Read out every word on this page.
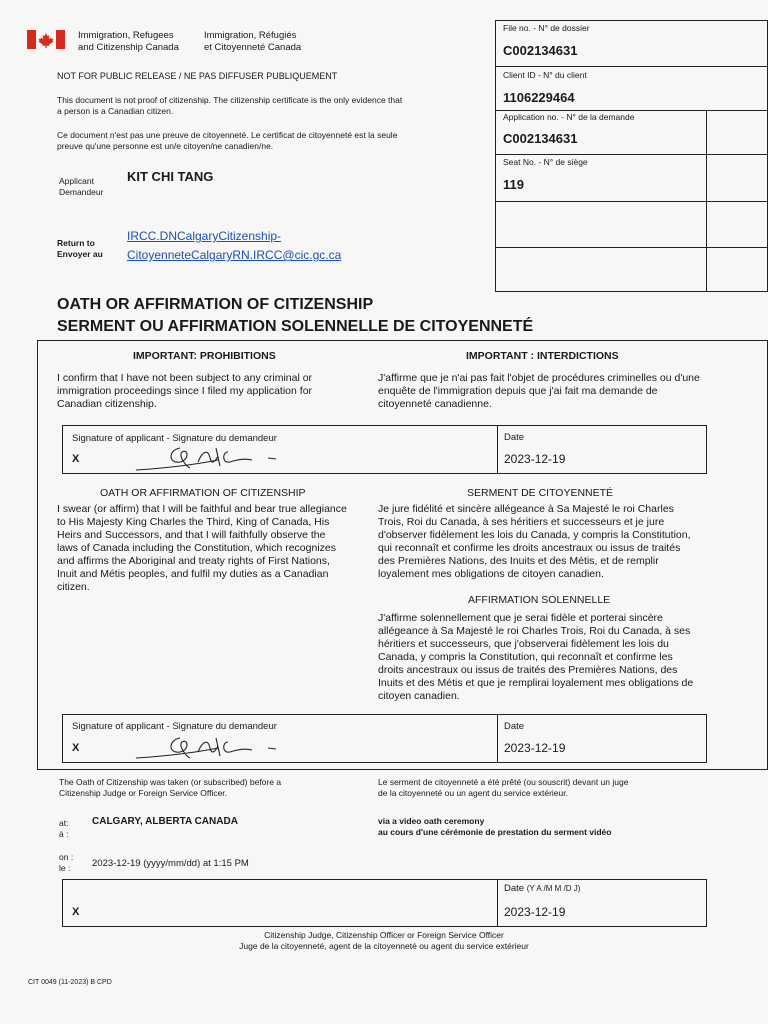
Immigration, Refugees
and Citizenship Canada
Immigration, Réfugiés
et Citoyenneté Canada
NOT FOR PUBLIC RELEASE / NE PAS DIFFUSER PUBLIQUEMENT
This document is not proof of citizenship. The citizenship certificate is the only evidence that
a person is a Canadian citizen.
Ce document n'est pas une preuve de citoyenneté. Le certificat de citoyenneté est la seule
preuve qu'une personne est un/e citoyen/ne canadien/ne.
Applicant
Demandeur
KIT CHI TANG
Return to
Envoyer au
IRCC.DNCalgaryCitizenship-
CitoyenneteCalgaryRN.IRCC@cic.gc.ca
File no. - N° de dossier
C002134631
Client ID - N° du client
1106229464
Application no. - N° de la demande
C002134631
Seat No. - N° de siège
119
OATH OR AFFIRMATION OF CITIZENSHIP
SERMENT OU AFFIRMATION SOLENNELLE DE CITOYENNETÉ
IMPORTANT: PROHIBITIONS	IMPORTANT : INTERDICTIONS
I confirm that I have not been subject to any criminal or
immigration proceedings since I filed my application for
Canadian citizenship.
J'affirme que je n'ai pas fait l'objet de procédures criminelles ou d'une
enquête de l'immigration depuis que j'ai fait ma demande de
citoyenneté canadienne.
Signature of applicant - Signature du demandeur
X
Date
2023-12-19
OATH OR AFFIRMATION OF CITIZENSHIP	SERMENT DE CITOYENNETÉ
I swear (or affirm) that I will be faithful and bear true allegiance
to His Majesty King Charles the Third, King of Canada, His
Heirs and Successors, and that I will faithfully observe the
laws of Canada including the Constitution, which recognizes
and affirms the Aboriginal and treaty rights of First Nations,
Inuit and Métis peoples, and fulfil my duties as a Canadian
citizen.
Je jure fidélité et sincère allégeance à Sa Majesté le roi Charles
Trois, Roi du Canada, à ses héritiers et successeurs et je jure
d'observer fidèlement les lois du Canada, y compris la Constitution,
qui reconnaît et confirme les droits ancestraux ou issus de traités
des Premières Nations, des Inuits et des Métis, et de remplir
loyalement mes obligations de citoyen canadien.
AFFIRMATION SOLENNELLE
J'affirme solennellement que je serai fidèle et porterai sincère
allégeance à Sa Majesté le roi Charles Trois, Roi du Canada, à ses
héritiers et successeurs, que j'observerai fidèlement les lois du
Canada, y compris la Constitution, qui reconnaît et confirme les
droits ancestraux ou issus de traités des Premières Nations, des
Inuits et des Métis et que je remplirai loyalement mes obligations de
citoyen canadien.
Signature of applicant - Signature du demandeur
X
Date
2023-12-19
The Oath of Citizenship was taken (or subscribed) before a
Citizenship Judge or Foreign Service Officer.
Le serment de citoyenneté a été prêté (ou souscrit) devant un juge
de la citoyenneté ou un agent du service extérieur.
at:
à :
CALGARY, ALBERTA CANADA	via a video oath ceremony
au cours d'une cérémonie de prestation du serment vidéo
on :
le : 2023-12-19 (yyyy/mm/dd) at 1:15 PM
X
Date (Y A /M M /D J)
2023-12-19
Citizenship Judge, Citizenship Officer or Foreign Service Officer
Juge de la citoyenneté, agent de la citoyenneté ou agent du service extérieur
CIT 0049 (11-2023) B CPD
